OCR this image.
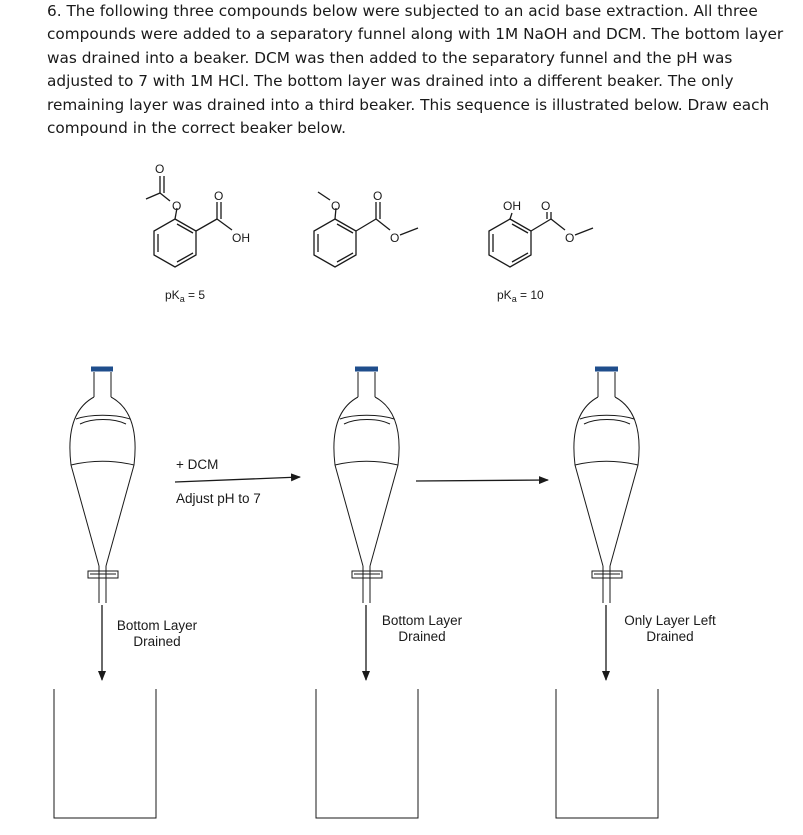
6. The following three compounds below were subjected to an acid base extraction. All three compounds were added to a separatory funnel along with 1M NaOH and DCM. The bottom layer was drained into a beaker. DCM was then added to the separatory funnel and the pH was adjusted to 7 with 1M HCl. The bottom layer was drained into a different beaker. The only remaining layer was drained into a third beaker. This sequence is illustrated below. Draw each compound in the correct beaker below.

O
O
O
OH
$pK_a = 5$
O
O
O
OH O
O
$pK_a = 10$
Bottom Layer
Drained
+ DCM
Adjust pH to 7
Bottom Layer
Drained
Only Layer Left
Drained
